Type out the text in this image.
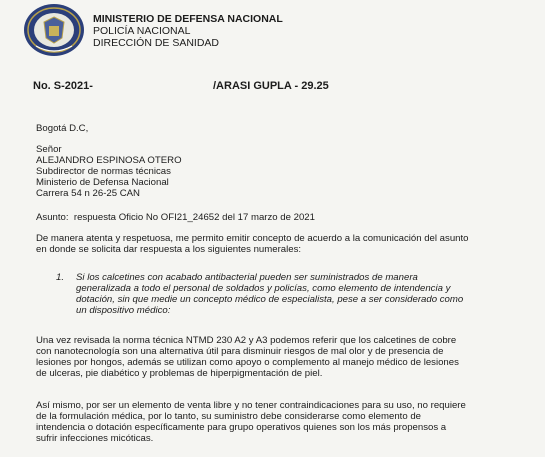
MINISTERIO DE DEFENSA NACIONAL
POLICÍA NACIONAL
DIRECCIÓN DE SANIDAD
No. S-2021-	/ARASI GUPLA - 29.25
Bogotá D.C,
Señor
ALEJANDRO ESPINOSA OTERO
Subdirector de normas técnicas
Ministerio de Defensa Nacional
Carrera 54 n 26-25 CAN
Asunto: respuesta Oficio No OFI21_24652 del 17 marzo de 2021
De manera atenta y respetuosa, me permito emitir concepto de acuerdo a la comunicación del asunto
en donde se solicita dar respuesta a los siguientes numerales:
1. Si los calcetines con acabado antibacterial pueden ser suministrados de manera
generalizada a todo el personal de soldados y policías, como elemento de intendencia y
dotación, sin que medie un concepto médico de especialista, pese a ser considerado como
un dispositivo médico:
Una vez revisada la norma técnica NTMD 230 A2 y A3 podemos referir que los calcetines de cobre
con nanotecnología son una alternativa útil para disminuir riesgos de mal olor y de presencia de
lesiones por hongos, además se utilizan como apoyo o complemento al manejo médico de lesiones
de ulceras, pie diabético y problemas de hiperpigmentación de piel.
Así mismo, por ser un elemento de venta libre y no tener contraindicaciones para su uso, no requiere
de la formulación médica, por lo tanto, su suministro debe considerarse como elemento de
intendencia o dotación específicamente para grupo operativos quienes son los más propensos a
sufrir infecciones micóticas.
